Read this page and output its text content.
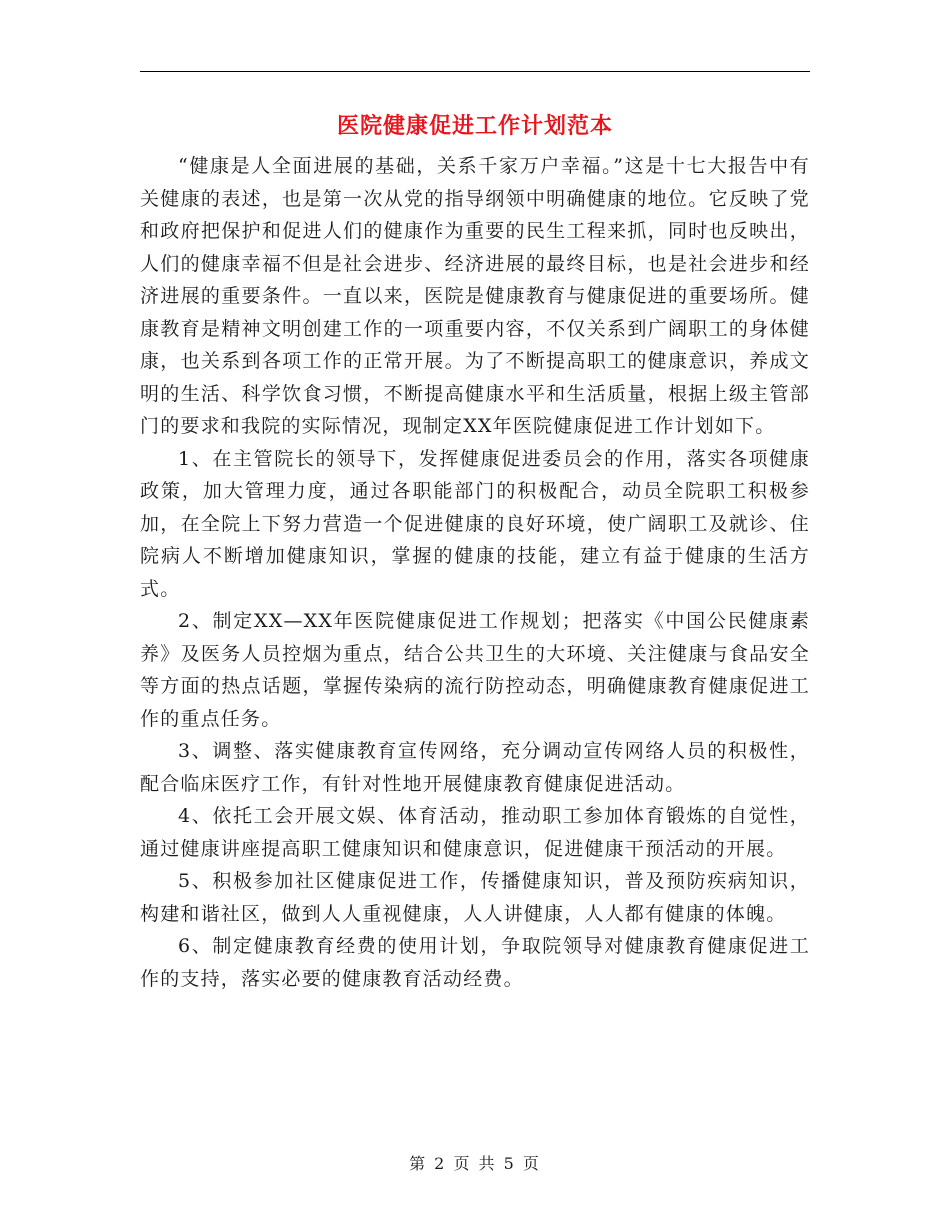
医院健康促进工作计划范本

“健康是人全面进展的基础，关系千家万户幸福。”这是十七大报告中有关健康的表述，也是第一次从党的指导纲领中明确健康的地位。它反映了党和政府把保护和促进人们的健康作为重要的民生工程来抓，同时也反映出，人们的健康幸福不但是社会进步、经济进展的最终目标，也是社会进步和经济进展的重要条件。一直以来，医院是健康教育与健康促进的重要场所。健康教育是精神文明创建工作的一项重要内容，不仅关系到广阔职工的身体健康，也关系到各项工作的正常开展。为了不断提高职工的健康意识，养成文明的生活、科学饮食习惯，不断提高健康水平和生活质量，根据上级主管部门的要求和我院的实际情况，现制定XX年医院健康促进工作计划如下。

1、在主管院长的领导下，发挥健康促进委员会的作用，落实各项健康政策，加大管理力度，通过各职能部门的积极配合，动员全院职工积极参加，在全院上下努力营造一个促进健康的良好环境，使广阔职工及就诊、住院病人不断增加健康知识，掌握的健康的技能，建立有益于健康的生活方式。

2、制定XX—XX年医院健康促进工作规划；把落实《中国公民健康素养》及医务人员控烟为重点，结合公共卫生的大环境、关注健康与食品安全等方面的热点话题，掌握传染病的流行防控动态，明确健康教育健康促进工作的重点任务。

3、调整、落实健康教育宣传网络，充分调动宣传网络人员的积极性，配合临床医疗工作，有针对性地开展健康教育健康促进活动。

4、依托工会开展文娱、体育活动，推动职工参加体育锻炼的自觉性，通过健康讲座提高职工健康知识和健康意识，促进健康干预活动的开展。

5、积极参加社区健康促进工作，传播健康知识，普及预防疾病知识，构建和谐社区，做到人人重视健康，人人讲健康，人人都有健康的体魄。

6、制定健康教育经费的使用计划，争取院领导对健康教育健康促进工作的支持，落实必要的健康教育活动经费。

第 2 页 共 5 页
